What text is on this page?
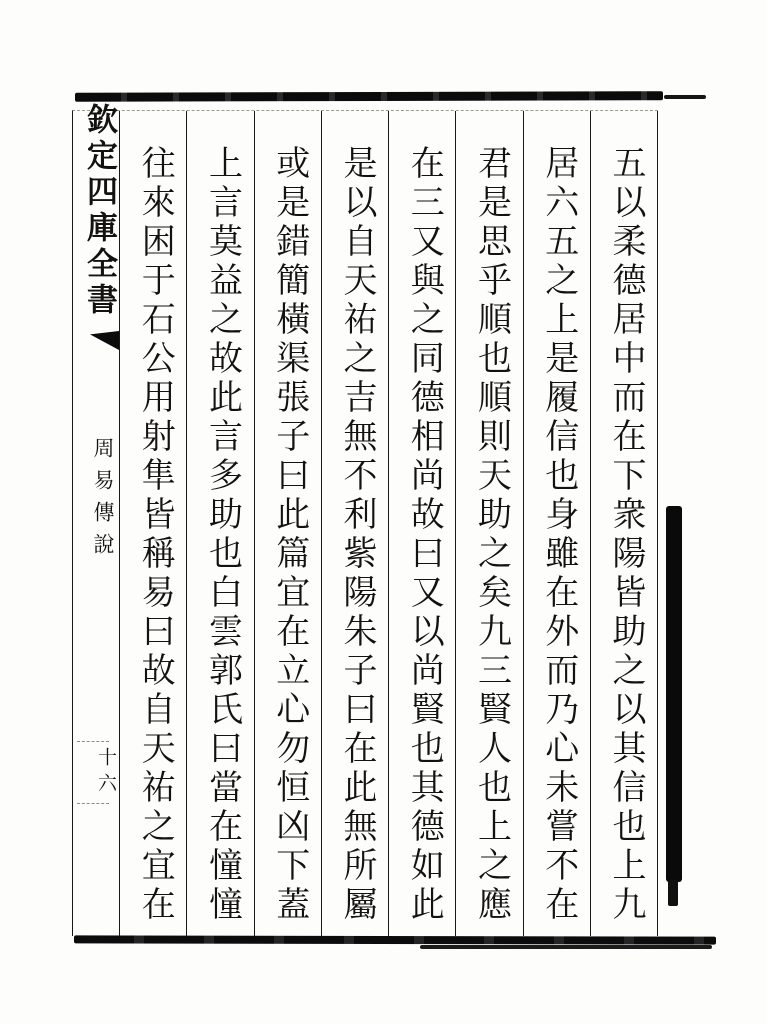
欽定四庫全書
周易傳說
十六	五以柔德居中而在下衆陽皆助之以其信也上九
居六五之上是履信也身雖在外而乃心未嘗不在
君是思乎順也順則天助之矣九三賢人也上之應
在三又與之同德相尚故曰又以尚賢也其德如此
是以自天祐之吉無不利紫陽朱子曰在此無所屬
或是錯簡橫渠張子曰此篇宜在立心勿恒凶下蓋
上言莫益之故此言多助也白雲郭氏曰當在憧憧
往來困于石公用射隼皆稱易曰故自天祐之宜在
